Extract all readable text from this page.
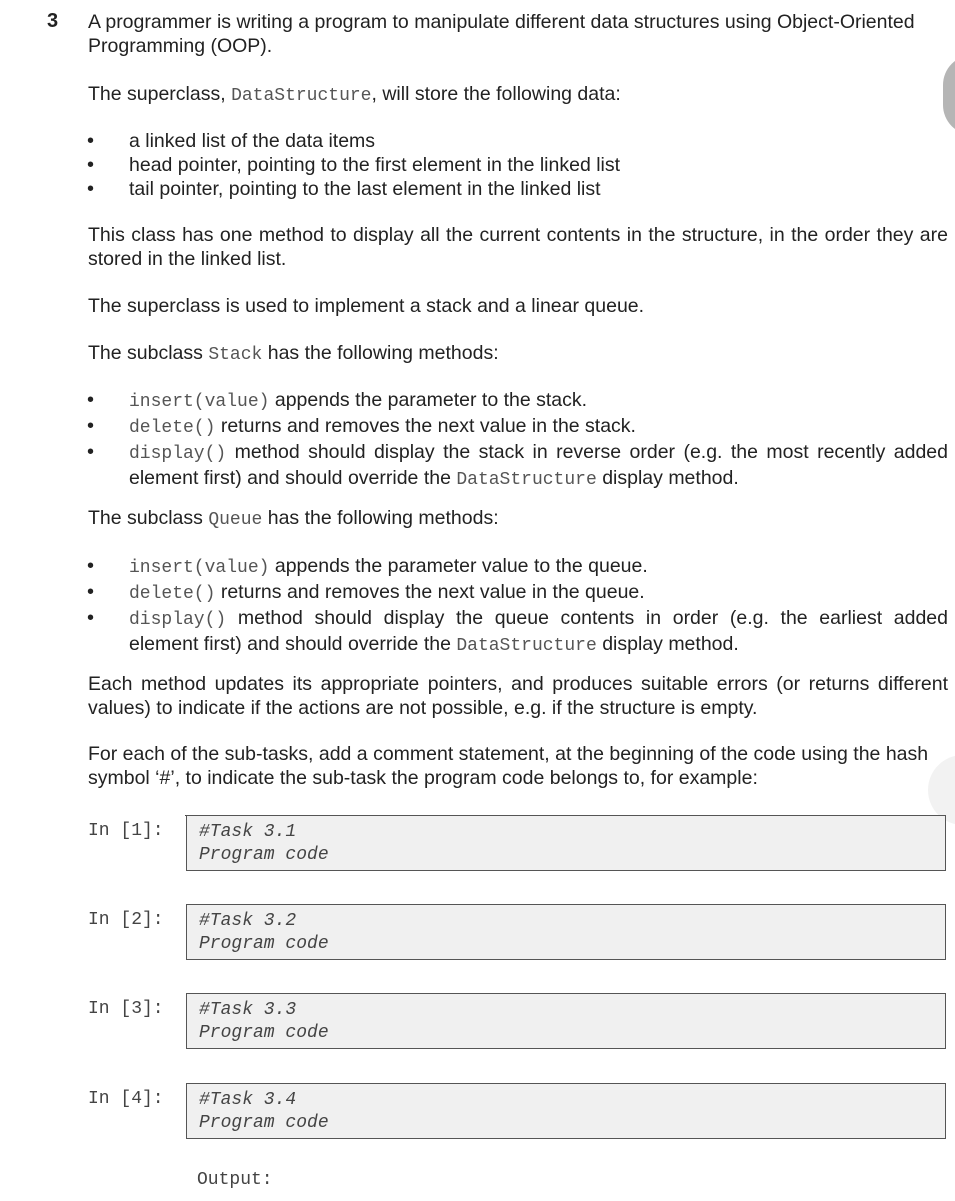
3 A programmer is writing a program to manipulate different data structures using Object-Oriented Programming (OOP).
The superclass, DataStructure, will store the following data:
• a linked list of the data items
• head pointer, pointing to the first element in the linked list
• tail pointer, pointing to the last element in the linked list
This class has one method to display all the current contents in the structure, in the order they are stored in the linked list.
The superclass is used to implement a stack and a linear queue.
The subclass Stack has the following methods:
• insert(value) appends the parameter to the stack.
• delete() returns and removes the next value in the stack.
• display() method should display the stack in reverse order (e.g. the most recently added element first) and should override the DataStructure display method.
The subclass Queue has the following methods:
• insert(value) appends the parameter value to the queue.
• delete() returns and removes the next value in the queue.
• display() method should display the queue contents in order (e.g. the earliest added element first) and should override the DataStructure display method.
Each method updates its appropriate pointers, and produces suitable errors (or returns different values) to indicate if the actions are not possible, e.g. if the structure is empty.
For each of the sub-tasks, add a comment statement, at the beginning of the code using the hash symbol ‘#’, to indicate the sub-task the program code belongs to, for example:
In [1]: #Task 3.1
Program code
In [2]: #Task 3.2
Program code
In [3]: #Task 3.3
Program code
In [4]: #Task 3.4
Program code
Output:
